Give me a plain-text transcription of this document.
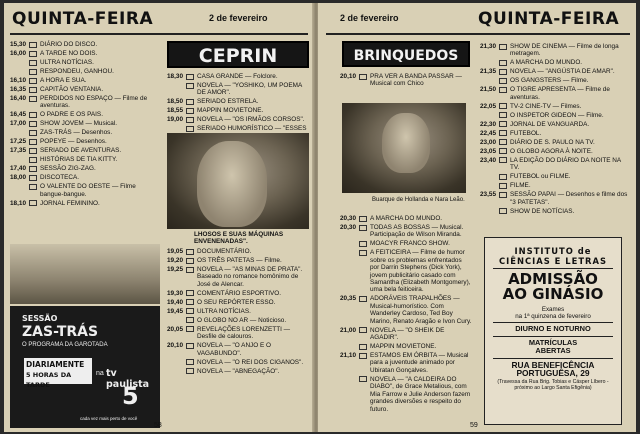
QUINTA-FEIRA	2 de fevereiro
15,30	DIÁRIO DO DISCO.
16,00	A TARDE NO DOIS.
ULTRA NOTÍCIAS.
RESPONDEU, GANHOU.
16,10	A HORA E SUA.
16,35	CAPITÃO VENTANIA.
16,40	PERDIDOS NO ESPAÇO — Filme de aventuras.
16,45	O PADRE E OS PAIS.
17,00	SHOW JOVEM — Musical.
ZAS-TRÁS — Desenhos.
17,25	POPEYE — Desenhos.
17,35	SERIADO DE AVENTURAS.
HISTÓRIAS DE TIA KITTY.
17,40	SESSÃO ZIG-ZAG.
18,00	DISCOTECA.
O VALENTE DO OESTE — Filme bangue-bangue.
18,10	JORNAL FEMININO.
CEPRIN
18,30	CASA GRANDE — Folclore.
NOVELA — "YOSHIKO, UM POEMA DE AMOR".
18,50	SERIADO ESTRELA.
18,55	MAPPIN MOVIETONE.
19,00	NOVELA — "OS IRMÃOS CORSOS".
SERIADO HUMORÍSTICO — "ESSES
LHOSOS E SUAS MÁQUINAS ENVENENADAS".
19,05	DOCUMENTÁRIO.
19,20	OS TRÊS PATETAS — Filme.
19,25	NOVELA — "AS MINAS DE PRATA". Baseado no romance homônimo de José de Alencar.
19,30	COMENTÁRIO ESPORTIVO.
19,40	O SEU REPÓRTER ESSO.
19,45	ULTRA NOTÍCIAS.
O GLOBO NO AR — Noticioso.
20,05	REVELAÇÕES LORENZETTI — Desfile de calouros.
20,10	NOVELA — "O ANJO E O VAGABUNDO".
NOVELA — "O REI DOS CIGANOS".
NOVELA — "ABNEGAÇÃO".
SESSÃO
ZAS-TRÁS
O PROGRAMA DA GAROTADA
DIARIAMENTE
5 HORAS DA TARDE
na tv paulista
5
cada vez mais perto de você
58
2 de fevereiro	QUINTA-FEIRA
BRINQUEDOS
20,10	PRA VER A BANDA PASSAR — Musical com Chico
Buarque de Hollanda e Nara Leão.
20,30	A MARCHA DO MUNDO.
20,30	TODAS AS BOSSAS — Musical. Participação de Wilson Miranda.
MOACYR FRANCO SHOW.
A FEITICEIRA — Filme de humor sobre os problemas enfrentados por Darrin Stephens (Dick York), jovem publicitário casado com Samantha (Elizabeth Montgomery), uma bela feiticeira.
20,35	ADORÁVEIS TRAPALHÕES — Musical-humorístico. Com Wanderley Cardoso, Ted Boy Marino, Renato Aragão e Ivon Cury.
21,00	NOVELA — "O SHEIK DE AGADIR".
MAPPIN MOVIETONE.
21,10	ESTAMOS EM ÓRBITA — Musical para a juventude animado por Ubiratan Gonçalves.
NOVELA — "A CALDEIRA DO DIABO", de Grace Metalious, com Mia Farrow e Julie Anderson fazem grandes diversões e respeito do futuro.
21,30	SHOW DE CINEMA — Filme de longa metragem.
A MARCHA DO MUNDO.
21,35	NOVELA — "ANGÚSTIA DE AMAR".
OS GANGSTERS — Filme.
21,50	O TIGRE APRESENTA — Filme de aventuras.
22,05	TV-2 CINE-TV — Filmes.
O INSPETOR GIDEON — Filme.
22,30	JORNAL DE VANGUARDA.
22,45	FUTEBOL.
23,00	DIÁRIO DE S. PAULO NA TV.
23,05	O GLOBO AGORA À NOITE.
23,40	LA EDIÇÃO DO DIÁRIO DA NOITE NA TV.
FUTEBOL ou FILME.
FILME.
23,55	SESSÃO PAPAI — Desenhos e filme dos "3 PATETAS".
SHOW DE NOTÍCIAS.
INSTITUTO de
CIÊNCIAS E LETRAS
ADMISSÃO
AO GINÁSIO
Exames
na 1ª quinzena de fevereiro
DIURNO E NOTURNO
MATRÍCULAS
ABERTAS
RUA BENEFICÊNCIA
PORTUGUÊSA, 29
(Travessa da Rua Brig. Tobias e Cásper Líbero - próximo ao Largo Santa Efigênia)
59
